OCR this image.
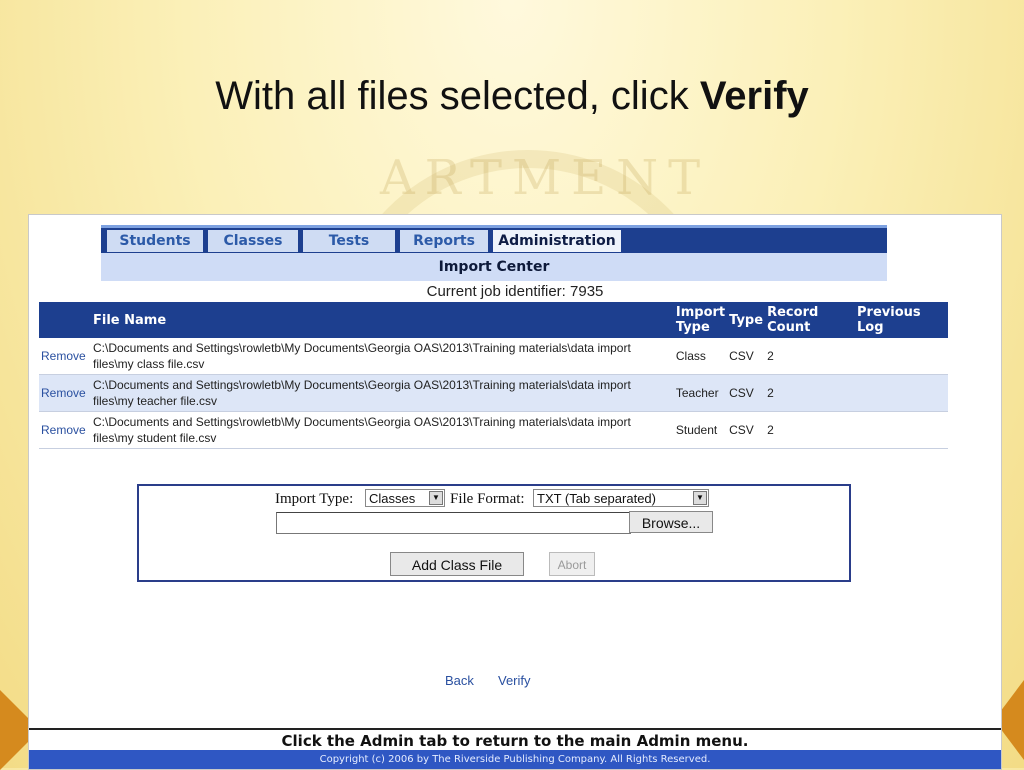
ARTMENT
With all files selected, click Verify
Students	Classes	Tests	Reports	Administration
Import Center
Current job identifier: 7935
	File Name	Import Type	Type	Record Count	Previous Log
Remove	C:\Documents and Settings\rowletb\My Documents\Georgia OAS\2013\Training materials\data import files\my class file.csv	Class	CSV	2	
Remove	C:\Documents and Settings\rowletb\My Documents\Georgia OAS\2013\Training materials\data import files\my teacher file.csv	Teacher	CSV	2	
Remove	C:\Documents and Settings\rowletb\My Documents\Georgia OAS\2013\Training materials\data import files\my student file.csv	Student	CSV	2	
Import Type:	Classes	▼ File Format: TXT (Tab separated)	▼
Browse...
Add Class File	Abort
Back Verify
Click the Admin tab to return to the main Admin menu.
Copyright (c) 2006 by The Riverside Publishing Company. All Rights Reserved.
